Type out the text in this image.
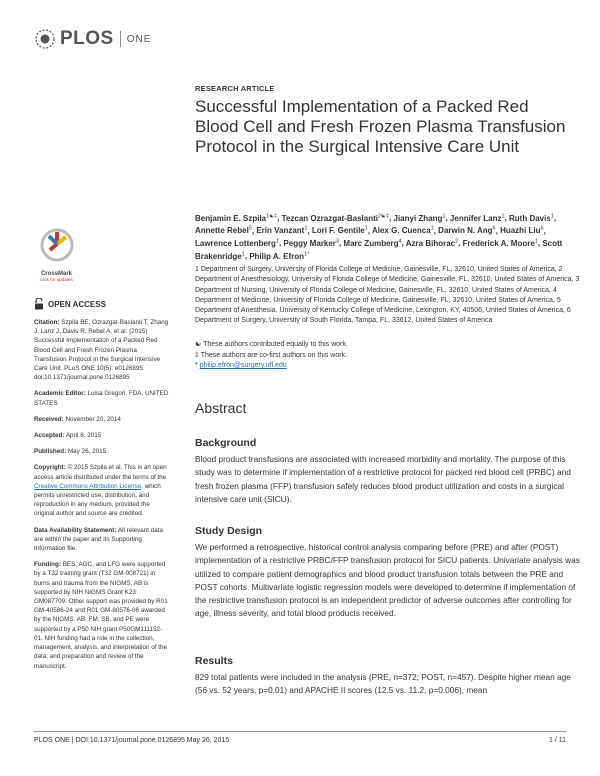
PLOS ONE
RESEARCH ARTICLE
Successful Implementation of a Packed Red Blood Cell and Fresh Frozen Plasma Transfusion Protocol in the Surgical Intensive Care Unit
Benjamin E. Szpila$^{1☯\ddagger}$, Tezcan Ozrazgat-Baslanti$^{2☯\ddagger}$, Jianyi Zhang$^1$, Jennifer Lanz$^1$, Ruth Davis$^1$, Annette Rebel$^5$, Erin Vanzant$^1$, Lori F. Gentile$^1$, Alex G. Cuenca$^1$, Darwin N. Ang$^6$, Huazhi Liu$^6$, Lawrence Lottenberg$^1$, Peggy Marker$^3$, Marc Zumberg$^4$, Azra Bihorac$^2$, Frederick A. Moore$^1$, Scott Brakenridge$^1$, Philip A. Efron$^{1*}$
1 Department of Surgery, University of Florida College of Medicine, Gainesville, FL, 32610, United States of America, 2 Department of Anesthesiology, University of Florida College of Medicine, Gainesville, FL, 32610, United States of America, 3 Department of Nursing, University of Florida College of Medicine, Gainesville, FL, 32610, United States of America, 4 Department of Medicine, University of Florida College of Medicine, Gainesville, FL, 32610, United States of America, 5 Department of Anesthesia, University of Kentucky College of Medicine, Lexington, KY, 40506, United States of America, 6 Department of Surgery, University of South Florida, Tampa, FL, 33612, United States of America
☯ These authors contributed equally to this work.
‡ These authors are co-first authors on this work.
* philip.efron@surgery.ufl.edu
CrossMark
click for updates
OPEN ACCESS

Citation: Szpila BE, Ozrazgat-Baslanti T, Zhang J, Lanz J, Davis R, Rebel A, et al. (2015) Successful Implementation of a Packed Red Blood Cell and Fresh Frozen Plasma Transfusion Protocol in the Surgical Intensive Care Unit. PLoS ONE 10(5): e0126895. doi:10.1371/journal.pone.0126895

Academic Editor: Luisa Gregori, FDA, UNITED STATES

Received: November 20, 2014

Accepted: April 8, 2015

Published: May 26, 2015

Copyright: © 2015 Szpila et al. This is an open access article distributed under the terms of the Creative Commons Attribution License, which permits unrestricted use, distribution, and reproduction in any medium, provided the original author and source are credited.

Data Availability Statement: All relevant data are within the paper and its Supporting Information file.

Funding: BES, AGC, and LFG were supported by a T32 training grant (T32 GM-008721) in burns and trauma from the NIGMS. AB is supported by NIH NIGMS Grant K23 GM087709. Other support was provided by R01 GM-40586-24 and R01 GM-80576-06 awarded by the NIGMS. AB, FM, SB, and PE were supported by a P50 NIH grant P50GM111152-01. NIH funding had a role in the collection, management, analysis, and interpretation of the data; and preparation and review of the manuscript.

Abstract
Background

Blood product transfusions are associated with increased morbidity and mortality. The purpose of this study was to determine if implementation of a restrictive protocol for packed red blood cell (PRBC) and fresh frozen plasma (FFP) transfusion safely reduces blood product utilization and costs in a surgical intensive care unit (SICU).

Study Design

We performed a retrospective, historical control analysis comparing before (PRE) and after (POST) implementation of a restrictive PRBC/FFP transfusion protocol for SICU patients. Univariate analysis was utilized to compare patient demographics and blood product transfusion totals between the PRE and POST cohorts. Multivariate logistic regression models were developed to determine if implementation of the restrictive transfusion protocol is an independent predictor of adverse outcomes after controlling for age, illness severity, and total blood products received.

Results

829 total patients were included in the analysis (PRE, n=372; POST, n=457). Despite higher mean age (56 vs. 52 years, p=0.01) and APACHE II scores (12.5 vs. 11.2, p=0.006), mean

PLOS ONE | DOI:10.1371/journal.pone.0126895 May 26, 2015	1 / 11
